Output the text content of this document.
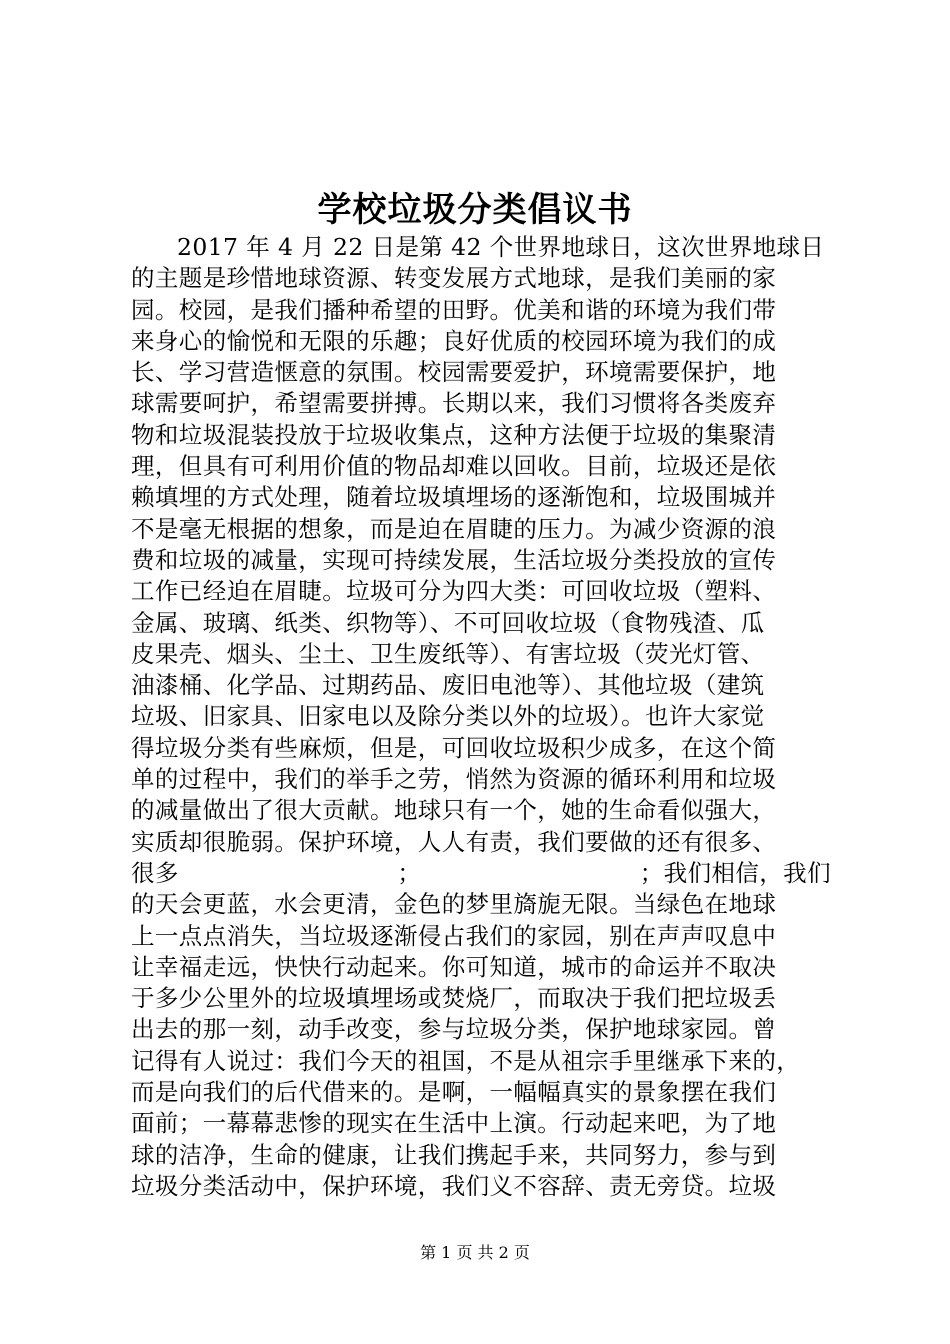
学校垃圾分类倡议书
2017 年 4 月 22 日是第 42 个世界地球日，这次世界地球日
的主题是珍惜地球资源、转变发展方式地球，是我们美丽的家
园。校园，是我们播种希望的田野。优美和谐的环境为我们带
来身心的愉悦和无限的乐趣；良好优质的校园环境为我们的成
长、学习营造惬意的氛围。校园需要爱护，环境需要保护，地
球需要呵护，希望需要拼搏。长期以来，我们习惯将各类废弃
物和垃圾混装投放于垃圾收集点，这种方法便于垃圾的集聚清
理，但具有可利用价值的物品却难以回收。目前，垃圾还是依
赖填埋的方式处理，随着垃圾填埋场的逐渐饱和，垃圾围城并
不是毫无根据的想象，而是迫在眉睫的压力。为减少资源的浪
费和垃圾的减量，实现可持续发展，生活垃圾分类投放的宣传
工作已经迫在眉睫。垃圾可分为四大类：可回收垃圾（塑料、
金属、玻璃、纸类、织物等）、不可回收垃圾（食物残渣、瓜
皮果壳、烟头、尘土、卫生废纸等）、有害垃圾（荧光灯管、
油漆桶、化学品、过期药品、废旧电池等）、其他垃圾（建筑
垃圾、旧家具、旧家电以及除分类以外的垃圾）。也许大家觉
得垃圾分类有些麻烦，但是，可回收垃圾积少成多，在这个简
单的过程中，我们的举手之劳，悄然为资源的循环利用和垃圾
的减量做出了很大贡献。地球只有一个，她的生命看似强大，
实质却很脆弱。保护环境，人人有责，我们要做的还有很多、
很多	；	；我们相信，我们
的天会更蓝，水会更清，金色的梦里旖旎无限。当绿色在地球
上一点点消失，当垃圾逐渐侵占我们的家园，别在声声叹息中
让幸福走远，快快行动起来。你可知道，城市的命运并不取决
于多少公里外的垃圾填埋场或焚烧厂，而取决于我们把垃圾丢
出去的那一刻，动手改变，参与垃圾分类，保护地球家园。曾
记得有人说过：我们今天的祖国，不是从祖宗手里继承下来的，
而是向我们的后代借来的。是啊，一幅幅真实的景象摆在我们
面前；一幕幕悲惨的现实在生活中上演。行动起来吧，为了地
球的洁净，生命的健康，让我们携起手来，共同努力，参与到
垃圾分类活动中，保护环境，我们义不容辞、责无旁贷。垃圾
第 1 页 共 2 页
